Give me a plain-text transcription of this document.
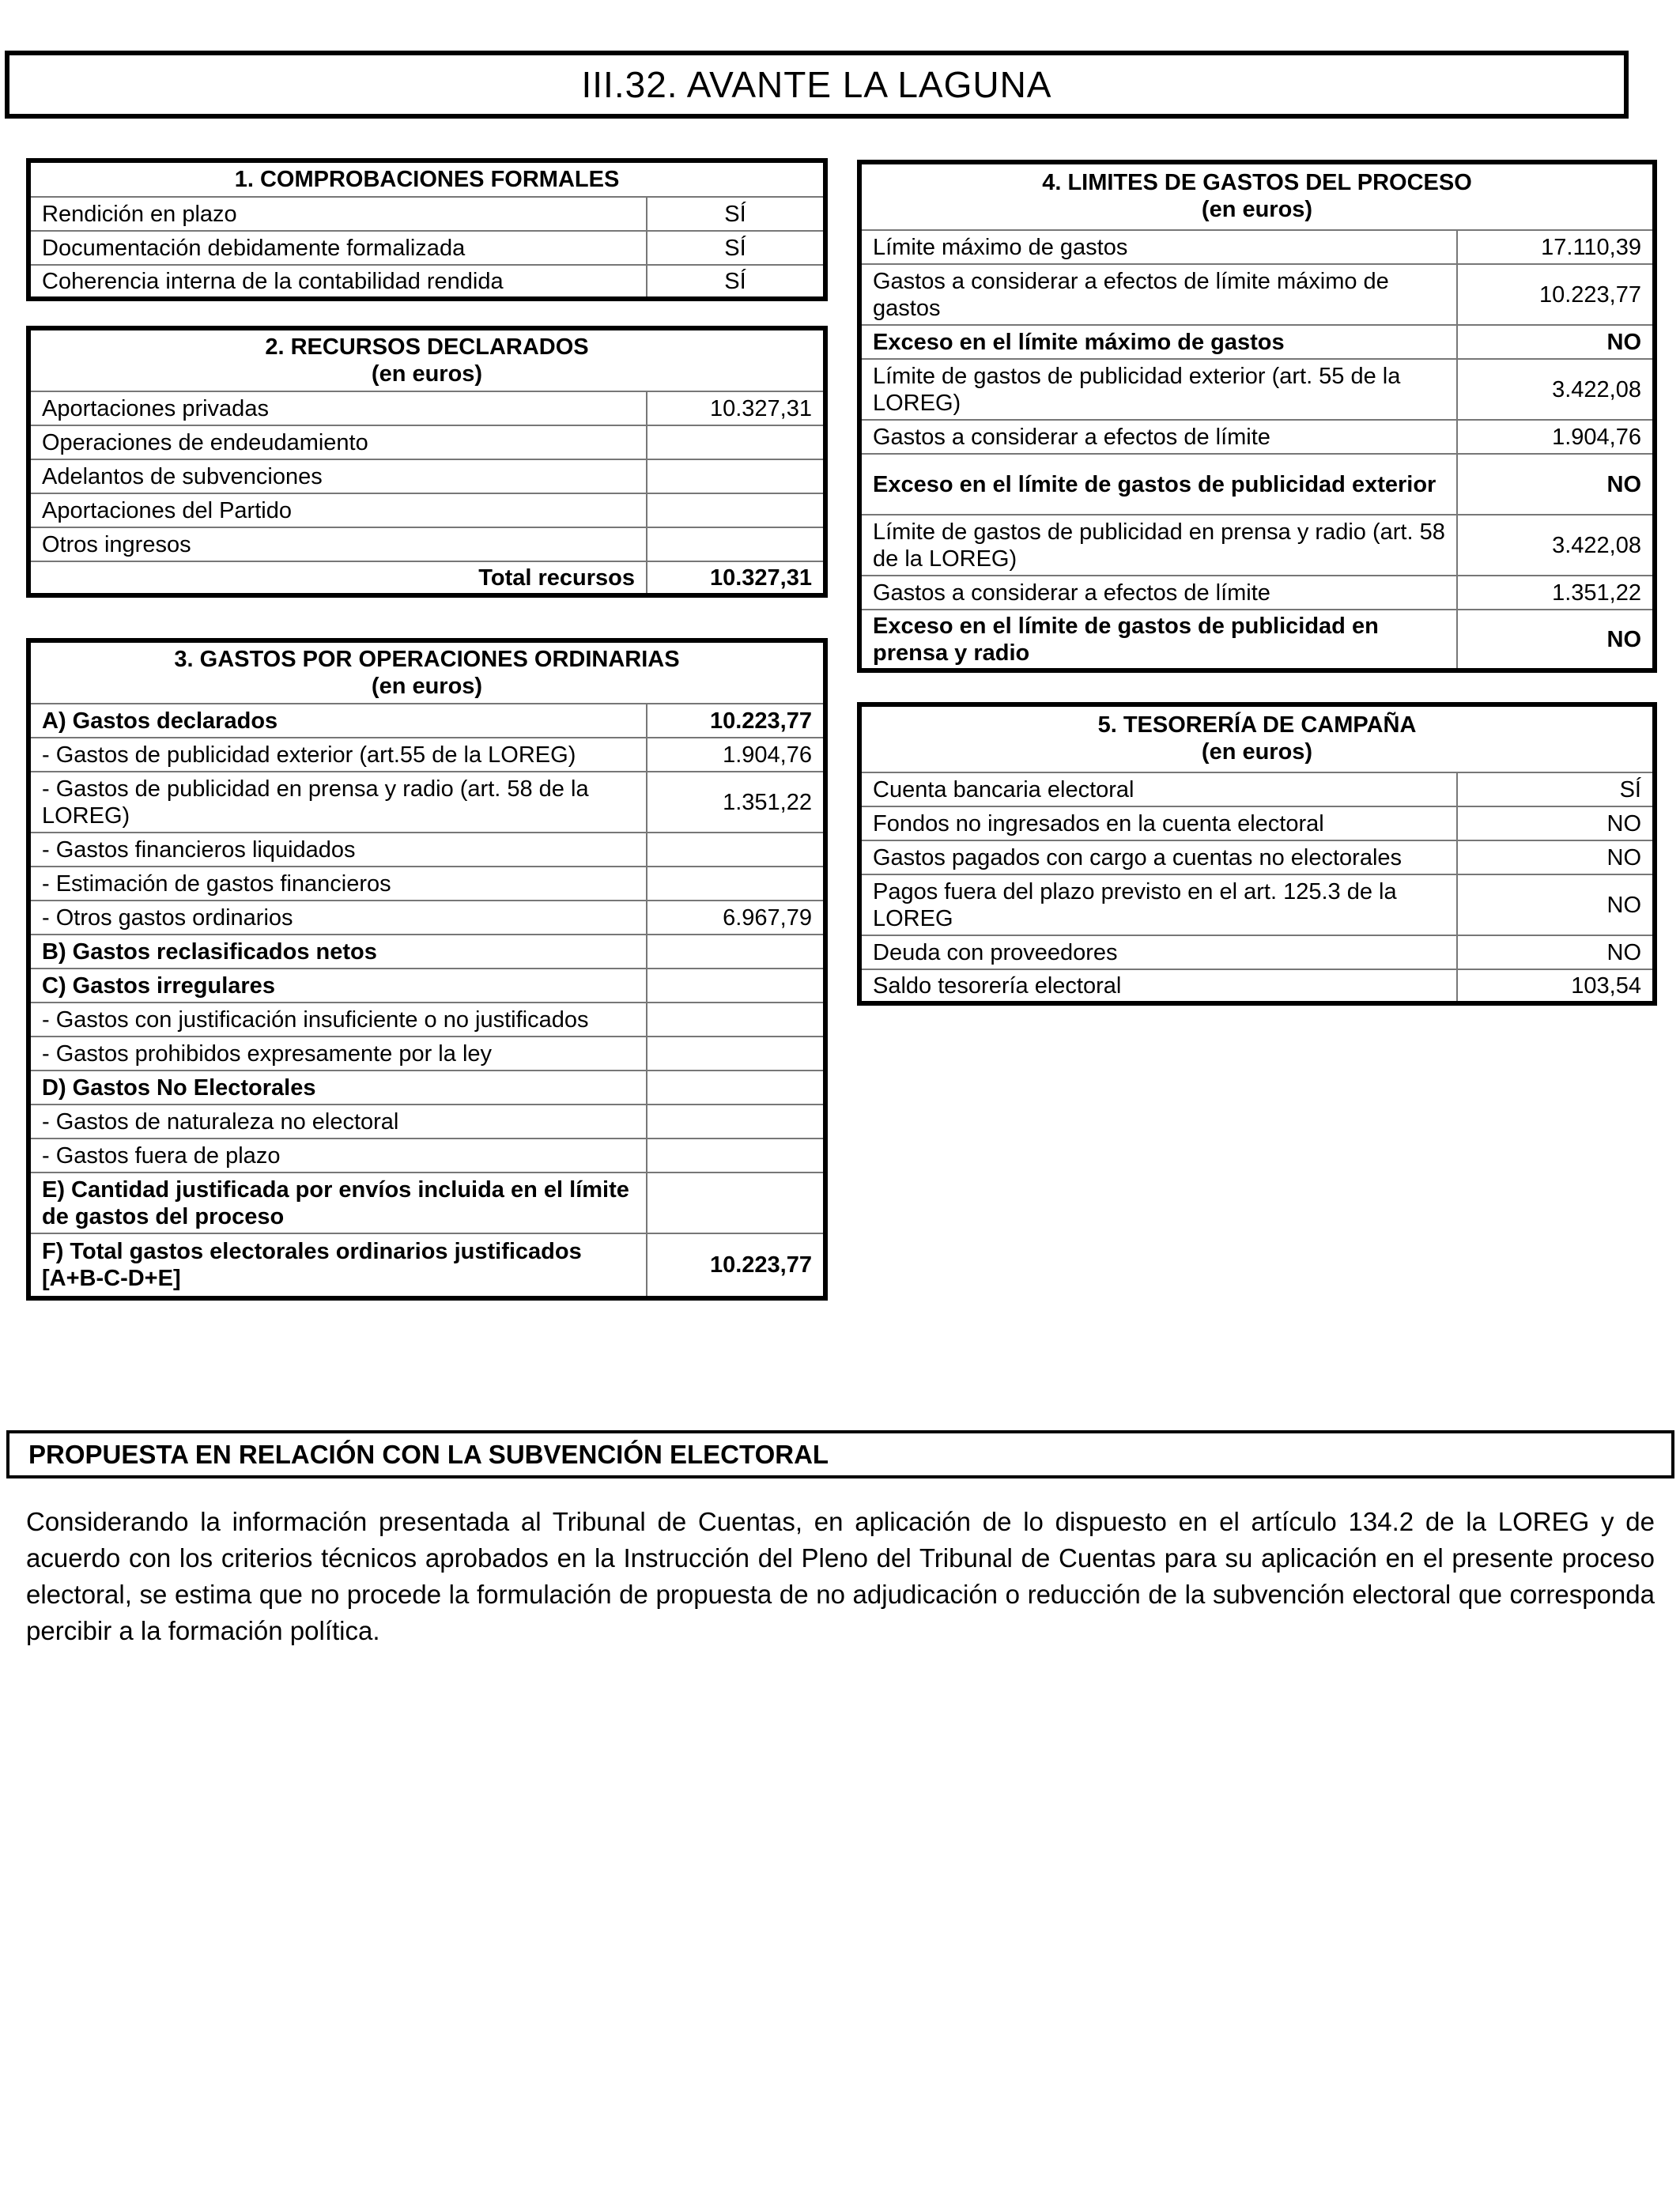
III.32. AVANTE LA LAGUNA
1. COMPROBACIONES FORMALES	
Rendición en plazo	SÍ
Documentación debidamente formalizada	SÍ
Coherencia interna de la contabilidad rendida	SÍ
2. RECURSOS DECLARADOS
(en euros)	

Aportaciones privadas	10.327,31
Operaciones de endeudamiento	
Adelantos de subvenciones	
Aportaciones del Partido	
Otros ingresos	
Total recursos	10.327,31
3. GASTOS POR OPERACIONES ORDINARIAS
(en euros)	

A) Gastos declarados	10.223,77
- Gastos de publicidad exterior (art.55 de la LOREG)	1.904,76
- Gastos de publicidad en prensa y radio (art. 58 de la LOREG)	1.351,22
- Gastos financieros liquidados	
- Estimación de gastos financieros	
- Otros gastos ordinarios	6.967,79
B) Gastos reclasificados netos	
C) Gastos irregulares	
- Gastos con justificación insuficiente o no justificados	
- Gastos prohibidos expresamente por la ley	
D) Gastos No Electorales	
- Gastos de naturaleza no electoral	
- Gastos fuera de plazo	
E) Cantidad justificada por envíos incluida en el límite de gastos del proceso	
F) Total gastos electorales ordinarios justificados [A+B-C-D+E]	10.223,77
4. LIMITES DE GASTOS DEL PROCESO
(en euros)	

Límite máximo de gastos	17.110,39
Gastos a considerar a efectos de límite máximo de gastos	10.223,77
Exceso en el límite máximo de gastos	NO
Límite de gastos de publicidad exterior (art. 55 de la LOREG)	3.422,08
Gastos a considerar a efectos de límite	1.904,76
Exceso en el límite de gastos de publicidad exterior	NO
Límite de gastos de publicidad en prensa y radio (art. 58 de la LOREG)	3.422,08
Gastos a considerar a efectos de límite	1.351,22
Exceso en el límite de gastos de publicidad en prensa y radio	NO
5. TESORERÍA DE CAMPAÑA
(en euros)	

Cuenta bancaria electoral	SÍ
Fondos no ingresados en la cuenta electoral	NO
Gastos pagados con cargo a cuentas no electorales	NO
Pagos fuera del plazo previsto en el art. 125.3 de la LOREG	NO
Deuda con proveedores	NO
Saldo tesorería electoral	103,54
PROPUESTA EN RELACIÓN CON LA SUBVENCIÓN ELECTORAL

Considerando la información presentada al Tribunal de Cuentas, en aplicación de lo dispuesto en el artículo 134.2 de la LOREG y de acuerdo con los criterios técnicos aprobados en la Instrucción del Pleno del Tribunal de Cuentas para su aplicación en el presente proceso electoral, se estima que no procede la formulación de propuesta de no adjudicación o reducción de la subvención electoral que corresponda percibir a la formación política.
